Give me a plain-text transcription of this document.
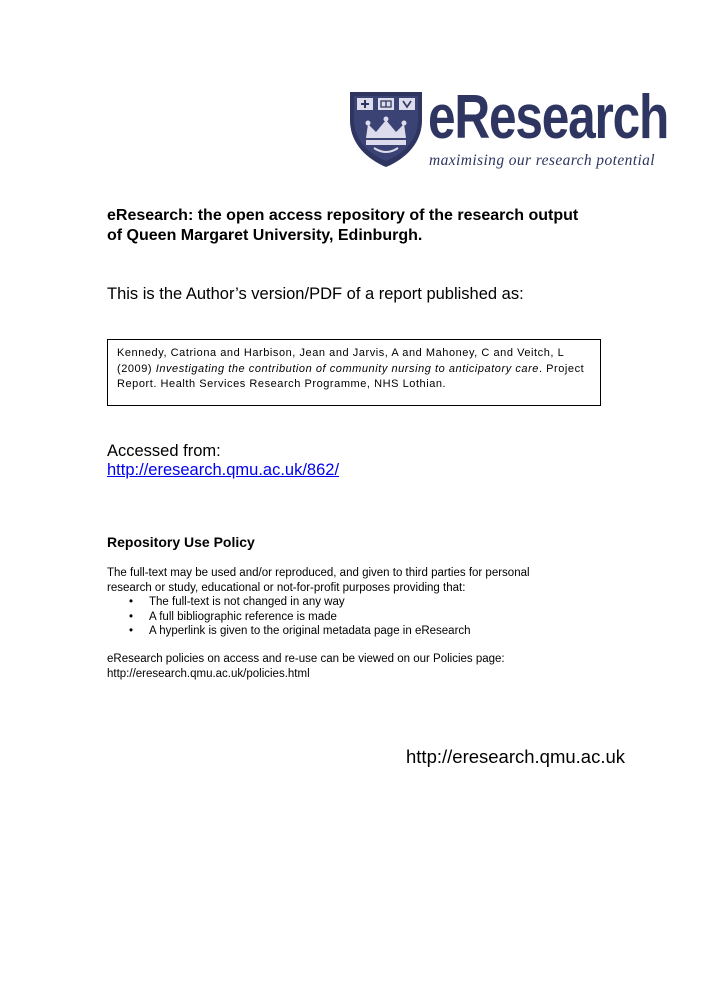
eResearch
maximising our research potential
eResearch: the open access repository of the research output
of Queen Margaret University, Edinburgh.
This is the Author’s version/PDF of a report published as:
Kennedy, Catriona and Harbison, Jean and Jarvis, A and Mahoney, C and Veitch, L (2009) Investigating the contribution of community nursing to anticipatory care. Project Report. Health Services Research Programme, NHS Lothian.
Accessed from:
http://eresearch.qmu.ac.uk/862/
Repository Use Policy
The full-text may be used and/or reproduced, and given to third parties for personal research or study, educational or not-for-profit purposes providing that:
• The full-text is not changed in any way
• A full bibliographic reference is made
• A hyperlink is given to the original metadata page in eResearch
eResearch policies on access and re-use can be viewed on our Policies page: http://eresearch.qmu.ac.uk/policies.html
http://eresearch.qmu.ac.uk
